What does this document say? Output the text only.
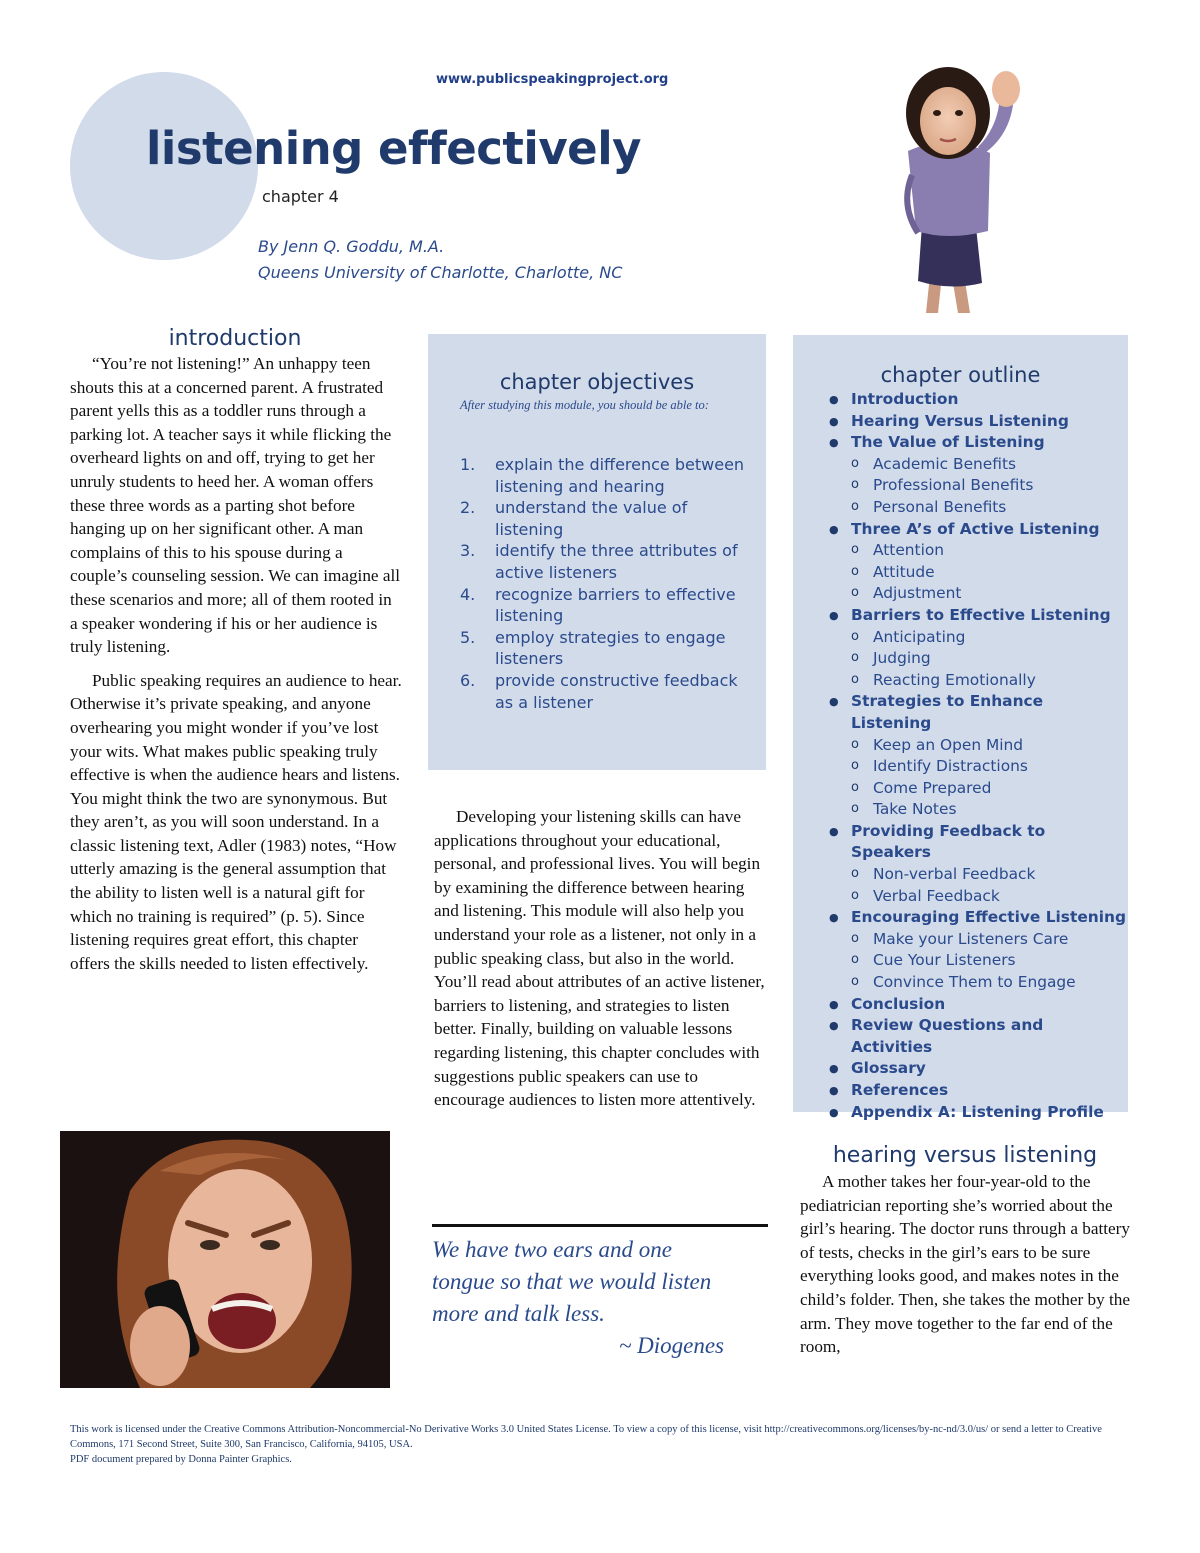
www.publicspeakingproject.org
listening effectively
chapter 4
By Jenn Q. Goddu, M.A.
Queens University of Charlotte, Charlotte, NC
introduction

“You’re not listening!” An unhappy teen shouts this at a concerned parent. A frustrated parent yells this as a toddler runs through a parking lot. A teacher says it while flicking the overheard lights on and off, trying to get her unruly students to heed her. A woman offers these three words as a parting shot before hanging up on her significant other. A man complains of this to his spouse during a couple’s counseling session. We can imagine all these scenarios and more; all of them rooted in a speaker wondering if his or her audience is truly listening.

Public speaking requires an audience to hear. Otherwise it’s private speaking, and anyone overhearing you might wonder if you’ve lost your wits. What makes public speaking truly effective is when the audience hears and listens. You might think the two are synonymous. But they aren’t, as you will soon understand. In a classic listening text, Adler (1983) notes, “How utterly amazing is the general assumption that the ability to listen well is a natural gift for which no training is required” (p. 5). Since listening requires great effort, this chapter offers the skills needed to listen effectively.

chapter objectives
After studying this module, you should be able to:
1. explain the difference between listening and hearing
2. understand the value of listening
3. identify the three attributes of active listeners
4. recognize barriers to effective listening
5. employ strategies to engage listeners
6. provide constructive feedback as a listener

Developing your listening skills can have applications throughout your educational, personal, and professional lives. You will begin by examining the difference between hearing and listening. This module will also help you understand your role as a listener, not only in a public speaking class, but also in the world. You’ll read about attributes of an active listener, barriers to listening, and strategies to listen better. Finally, building on valuable lessons regarding listening, this chapter concludes with suggestions public speakers can use to encourage audiences to listen more attentively.

We have two ears and one tongue so that we would listen more and talk less.
~ Diogenes
chapter outline
● Introduction
● Hearing Versus Listening
● The Value of Listening
o Academic Benefits
o Professional Benefits
o Personal Benefits
● Three A’s of Active Listening
o Attention
o Attitude
o Adjustment
● Barriers to Effective Listening
o Anticipating
o Judging
o Reacting Emotionally
● Strategies to Enhance Listening
o Keep an Open Mind
o Identify Distractions
o Come Prepared
o Take Notes
● Providing Feedback to Speakers
o Non-verbal Feedback
o Verbal Feedback
● Encouraging Effective Listening
o Make your Listeners Care
o Cue Your Listeners
o Convince Them to Engage
● Conclusion
● Review Questions and Activities
● Glossary
● References
● Appendix A: Listening Profile
hearing versus listening

A mother takes her four-year-old to the pediatrician reporting she’s worried about the girl’s hearing. The doctor runs through a battery of tests, checks in the girl’s ears to be sure everything looks good, and makes notes in the child’s folder. Then, she takes the mother by the arm. They move together to the far end of the room,

This work is licensed under the Creative Commons Attribution-Noncommercial-No Derivative Works 3.0 United States License. To view a copy of this license, visit http://creativecommons.org/licenses/by-nc-nd/3.0/us/ or send a letter to Creative Commons, 171 Second Street, Suite 300, San Francisco, California, 94105, USA.
PDF document prepared by Donna Painter Graphics.
